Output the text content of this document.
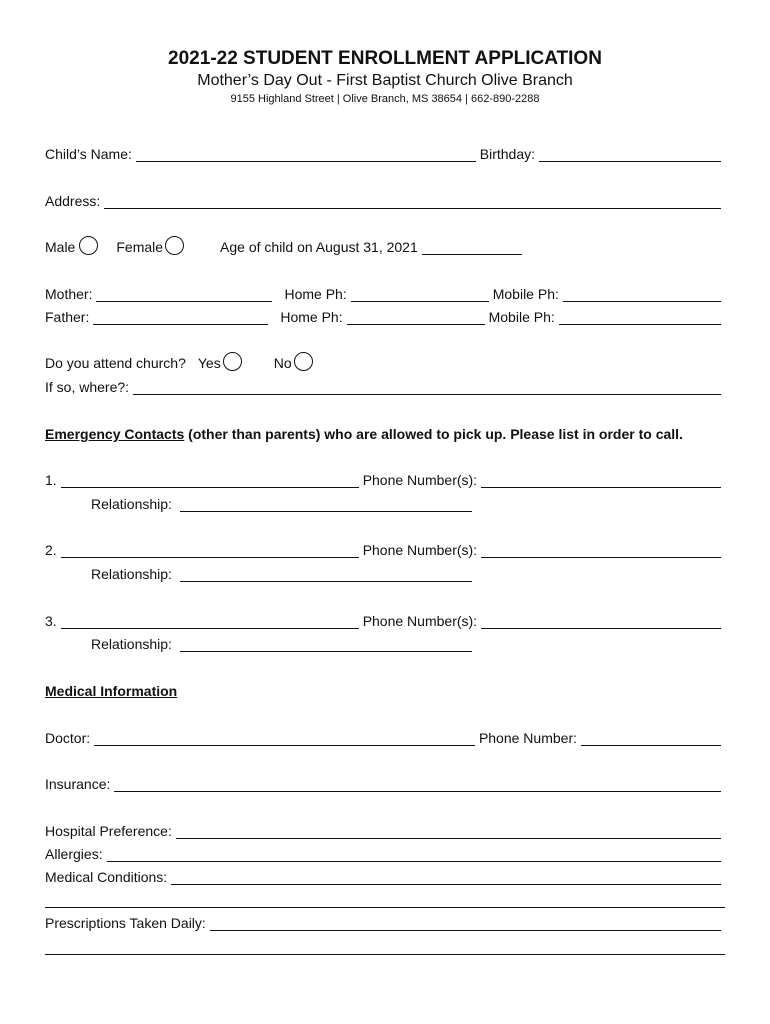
2021-22 STUDENT ENROLLMENT APPLICATION
Mother’s Day Out - First Baptist Church Olive Branch
9155 Highland Street | Olive Branch, MS 38654 | 662-890-2288
Child’s Name:	Birthday:
Address:
Male	Female	Age of child on August 31, 2021
Mother:	Home Ph:	Mobile Ph:
Father:	Home Ph:	Mobile Ph:
Do you attend church? Yes	No
If so, where?:
Emergency Contacts (other than parents) who are allowed to pick up. Please list in order to call.
1.	Phone Number(s):
Relationship:
2.	Phone Number(s):
Relationship:
3.	Phone Number(s):
Relationship:
Medical Information
Doctor:	Phone Number:
Insurance:
Hospital Preference:
Allergies:
Medical Conditions:
Prescriptions Taken Daily:
